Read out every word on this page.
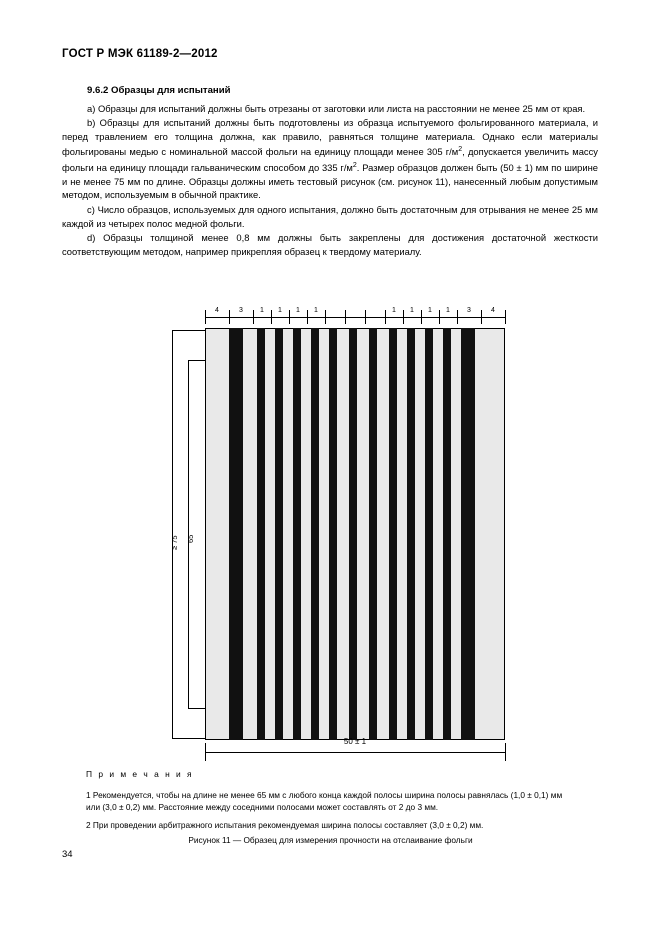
ГОСТ Р МЭК 61189-2—2012

9.6.2 Образцы для испытаний

a) Образцы для испытаний должны быть отрезаны от заготовки или листа на расстоянии не менее 25 мм от края.

b) Образцы для испытаний должны быть подготовлены из образца испытуемого фольгированного материала, и перед травлением его толщина должна, как правило, равняться толщине материала. Однако если материалы фольгированы медью с номинальной массой фольги на единицу площади менее 305 $г/м^2$, допускается увеличить массу фольги на единицу площади гальваническим способом до 335 $г/м^2$. Размер образцов должен быть (50 ± 1) мм по ширине и не менее 75 мм по длине. Образцы должны иметь тестовый рисунок (см. рисунок 11), нанесенный любым допустимым методом, используемым в обычной практике.

c) Число образцов, используемых для одного испытания, должно быть достаточным для отрывания не менее 25 мм каждой из четырех полос медной фольги.

d) Образцы толщиной менее 0,8 мм должны быть закреплены для достижения достаточной жесткости соответствующим методом, например прикрепляя образец к твердому материалу.

4	3	1	1	1	1	1	1	1	1	3	4
≥ 75 65
50 ± 1
П р и м е ч а н и я

1 Рекомендуется, чтобы на длине не менее 65 мм с любого конца каждой полосы ширина полосы равнялась (1,0 ± 0,1) мм или (3,0 ± 0,2) мм. Расстояние между соседними полосами может составлять от 2 до 3 мм.

2 При проведении арбитражного испытания рекомендуемая ширина полосы составляет (3,0 ± 0,2) мм.

Рисунок 11 — Образец для измерения прочности на отслаивание фольги
34
